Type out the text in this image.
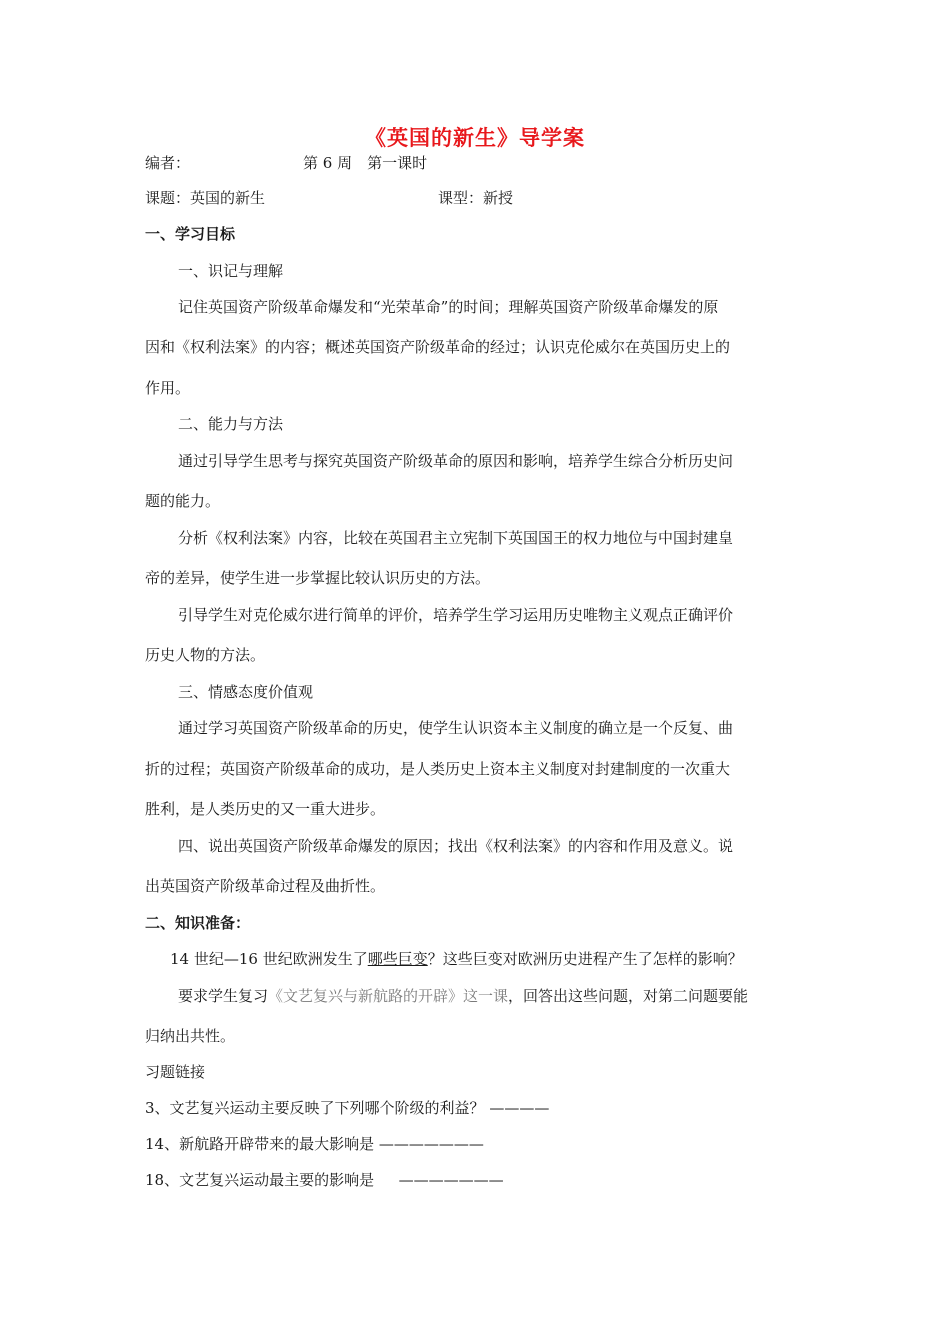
《英国的新生》导学案
编者：	第 6 周　第一课时
课题：英国的新生	课型：新授
一、学习目标
一、识记与理解
记住英国资产阶级革命爆发和“光荣革命”的时间；理解英国资产阶级革命爆发的原
因和《权利法案》的内容；概述英国资产阶级革命的经过；认识克伦威尔在英国历史上的
作用。
二、能力与方法
通过引导学生思考与探究英国资产阶级革命的原因和影响，培养学生综合分析历史问
题的能力。
分析《权利法案》内容，比较在英国君主立宪制下英国国王的权力地位与中国封建皇
帝的差异，使学生进一步掌握比较认识历史的方法。
引导学生对克伦威尔进行简单的评价，培养学生学习运用历史唯物主义观点正确评价
历史人物的方法。
三、情感态度价值观
通过学习英国资产阶级革命的历史，使学生认识资本主义制度的确立是一个反复、曲
折的过程；英国资产阶级革命的成功，是人类历史上资本主义制度对封建制度的一次重大
胜利，是人类历史的又一重大进步。
四、说出英国资产阶级革命爆发的原因；找出《权利法案》的内容和作用及意义。说
出英国资产阶级革命过程及曲折性。
二、知识准备：
14 世纪—16 世纪欧洲发生了哪些巨变？这些巨变对欧洲历史进程产生了怎样的影响？
要求学生复习《文艺复兴与新航路的开辟》这一课，回答出这些问题，对第二问题要能
归纳出共性。
习题链接
3、文艺复兴运动主要反映了下列哪个阶级的利益？ ————
14、新航路开辟带来的最大影响是 ———————
18、文艺复兴运动最主要的影响是 　 ———————
